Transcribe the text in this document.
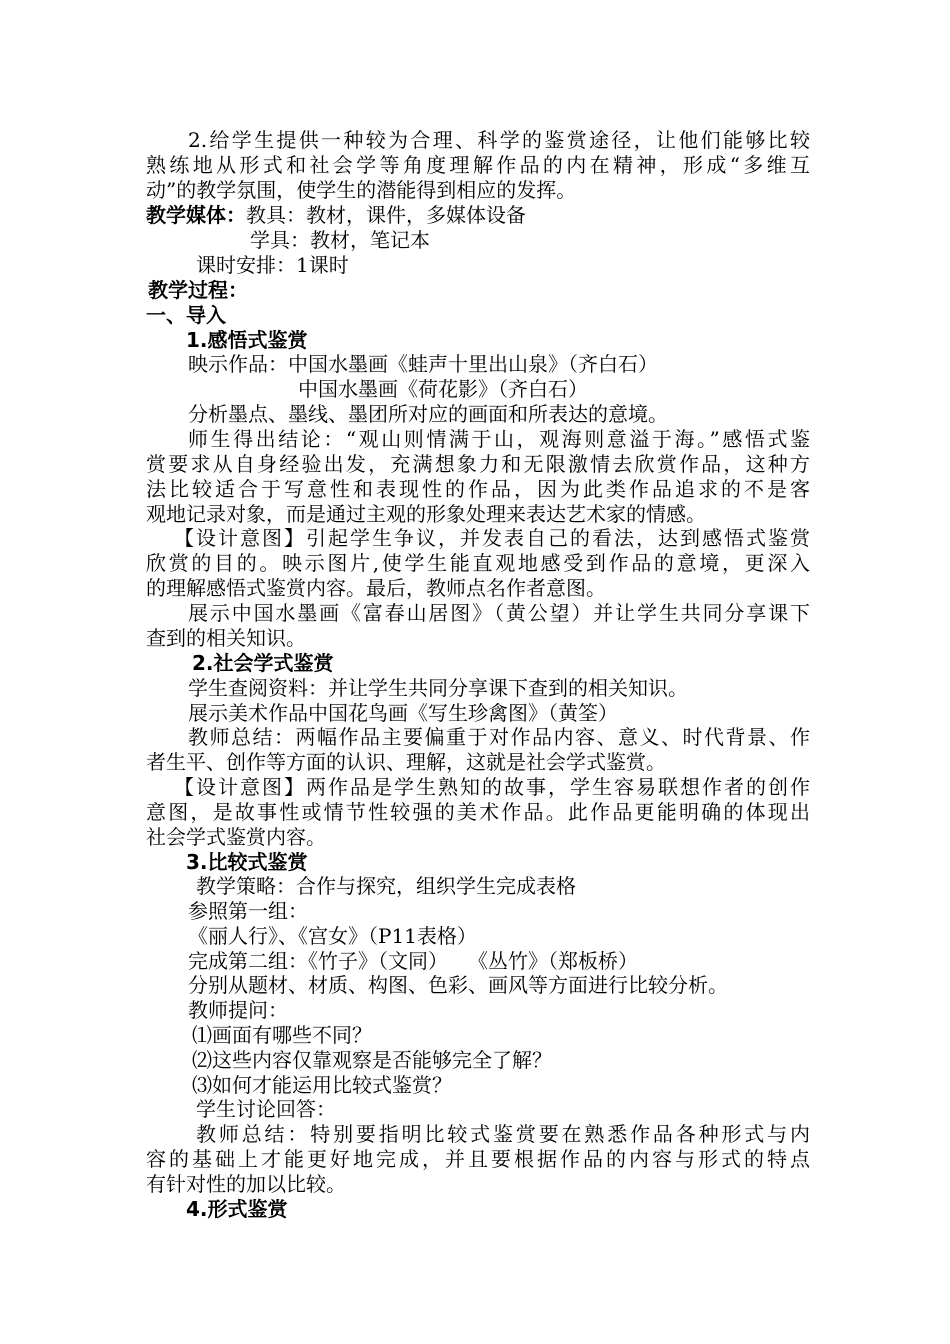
2.给学生提供一种较为合理、科学的鉴赏途径，让他们能够比较
熟练地从形式和社会学等角度理解作品的内在精神，形成“多维互
动”的教学氛围，使学生的潜能得到相应的发挥。
教学媒体：教具：教材，课件，多媒体设备
学具：教材，笔记本
课时安排：1课时
教学过程：
一、导入
1.感悟式鉴赏
映示作品：中国水墨画《蛙声十里出山泉》（齐白石）
中国水墨画《荷花影》（齐白石）
分析墨点、墨线、墨团所对应的画面和所表达的意境。
师生得出结论：“观山则情满于山，观海则意溢于海。”感悟式鉴
赏要求从自身经验出发，充满想象力和无限激情去欣赏作品，这种方
法比较适合于写意性和表现性的作品，因为此类作品追求的不是客
观地记录对象，而是通过主观的形象处理来表达艺术家的情感。
【设计意图】引起学生争议，并发表自己的看法，达到感悟式鉴赏
欣赏的目的。映示图片,使学生能直观地感受到作品的意境，更深入
的理解感悟式鉴赏内容。最后，教师点名作者意图。
展示中国水墨画《富春山居图》（黄公望）并让学生共同分享课下
查到的相关知识。
2.社会学式鉴赏
学生查阅资料：并让学生共同分享课下查到的相关知识。
展示美术作品中国花鸟画《写生珍禽图》（黄筌）
教师总结：两幅作品主要偏重于对作品内容、意义、时代背景、作
者生平、创作等方面的认识、理解，这就是社会学式鉴赏。
【设计意图】两作品是学生熟知的故事，学生容易联想作者的创作
意图，是故事性或情节性较强的美术作品。此作品更能明确的体现出
社会学式鉴赏内容。
3.比较式鉴赏
教学策略：合作与探究，组织学生完成表格
参照第一组：
《丽人行》、《宫女》（P11表格）
完成第二组：《竹子》（文同）　　《丛竹》（郑板桥）
分别从题材、材质、构图、色彩、画风等方面进行比较分析。
教师提问：
⑴画面有哪些不同？
⑵这些内容仅靠观察是否能够完全了解？
⑶如何才能运用比较式鉴赏？
学生讨论回答：
教师总结：特别要指明比较式鉴赏要在熟悉作品各种形式与内
容的基础上才能更好地完成，并且要根据作品的内容与形式的特点
有针对性的加以比较。
4.形式鉴赏
